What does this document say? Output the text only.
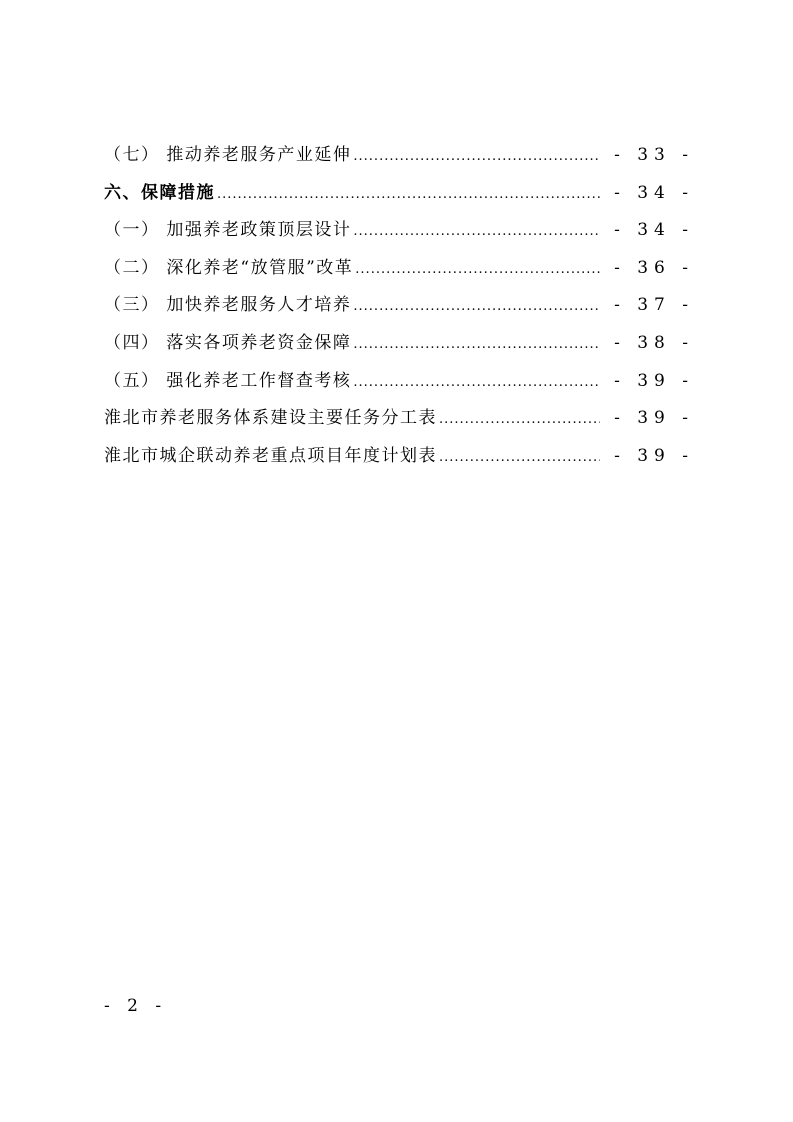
（七） 推动养老服务产业延伸 .....	- 33 -
六、保障措施 .....	- 34 -
（一） 加强养老政策顶层设计 .....	- 34 -
（二） 深化养老“放管服”改革 .....	- 36 -
（三） 加快养老服务人才培养 .....	- 37 -
（四） 落实各项养老资金保障 .....	- 38 -
（五） 强化养老工作督查考核 .....	- 39 -
淮北市养老服务体系建设主要任务分工表 .....	- 39 -
淮北市城企联动养老重点项目年度计划表 .....	- 39 -
- 2 -
